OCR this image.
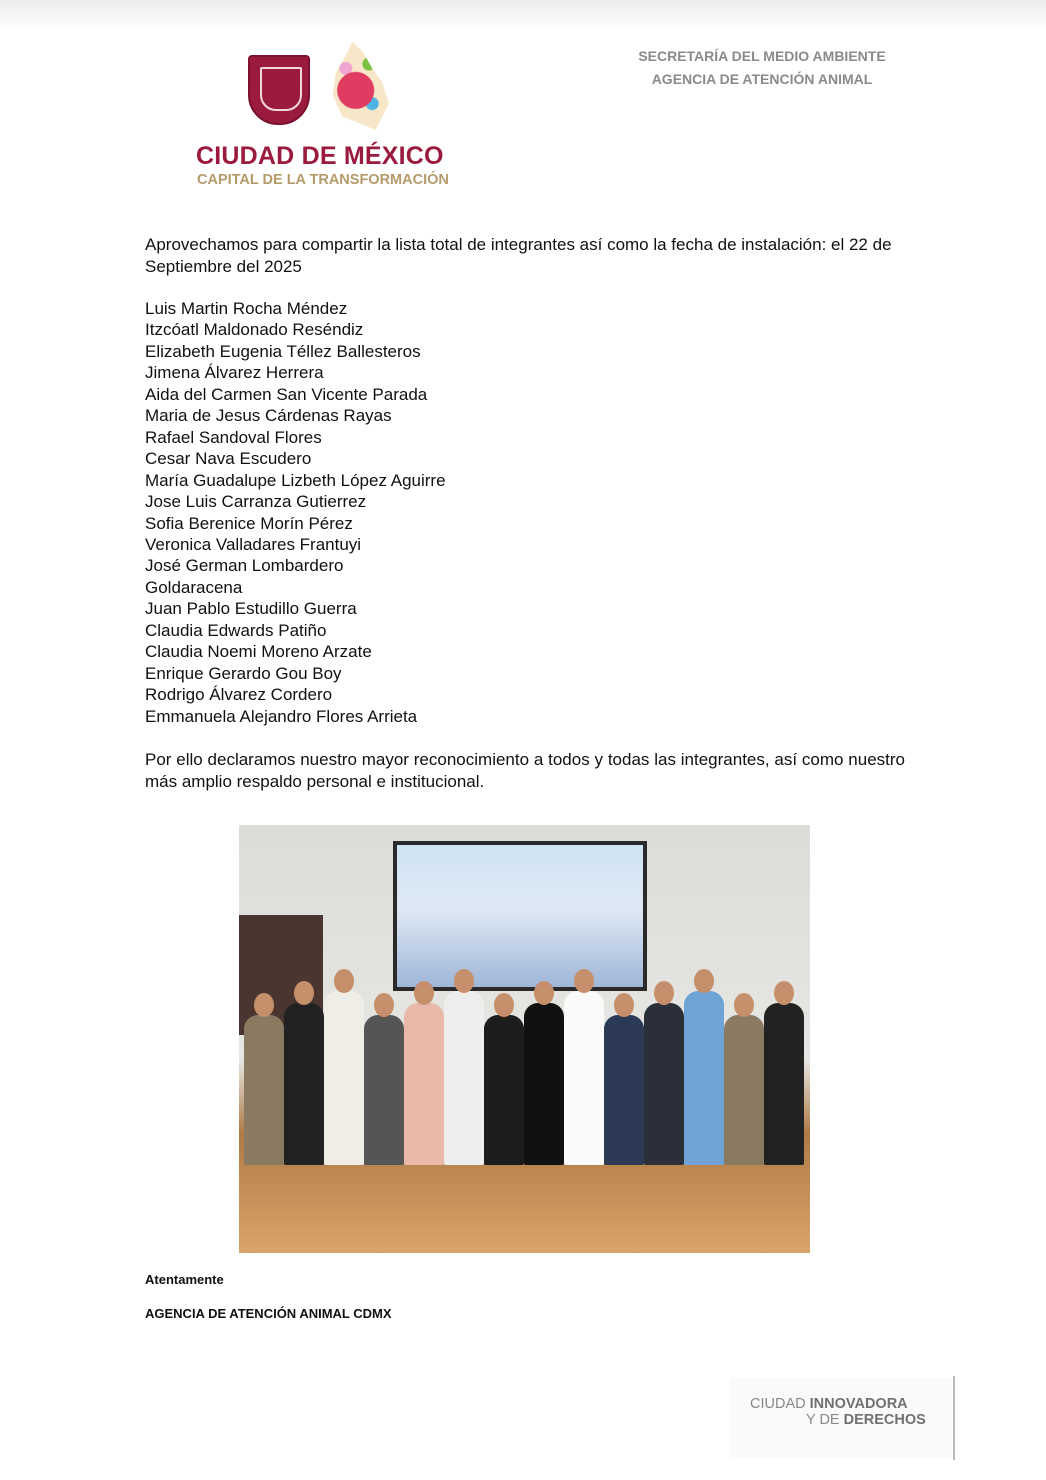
CIUDAD DE MÉXICO
CAPITAL DE LA TRANSFORMACIÓN
SECRETARÍA DEL MEDIO AMBIENTE
AGENCIA DE ATENCIÓN ANIMAL
Aprovechamos para compartir la lista total de integrantes así como la fecha de instalación: el 22 de Septiembre del 2025
Luis Martin Rocha Méndez
Itzcóatl Maldonado Reséndiz
Elizabeth Eugenia Téllez Ballesteros
Jimena Álvarez Herrera
Aida del Carmen San Vicente Parada
Maria de Jesus Cárdenas Rayas
Rafael Sandoval Flores
Cesar Nava Escudero
María Guadalupe Lizbeth López Aguirre
Jose Luis Carranza Gutierrez
Sofia Berenice Morín Pérez
Veronica Valladares Frantuyi
José German Lombardero
Goldaracena
Juan Pablo Estudillo Guerra
Claudia Edwards Patiño
Claudia Noemi Moreno Arzate
Enrique Gerardo Gou Boy
Rodrigo Álvarez Cordero
Emmanuela Alejandro Flores Arrieta
Por ello declaramos nuestro mayor reconocimiento a todos y todas las integrantes, así como nuestro más amplio respaldo personal e institucional.
Atentamente
AGENCIA DE ATENCIÓN ANIMAL CDMX
CIUDAD INNOVADORA
Y DE DERECHOS
